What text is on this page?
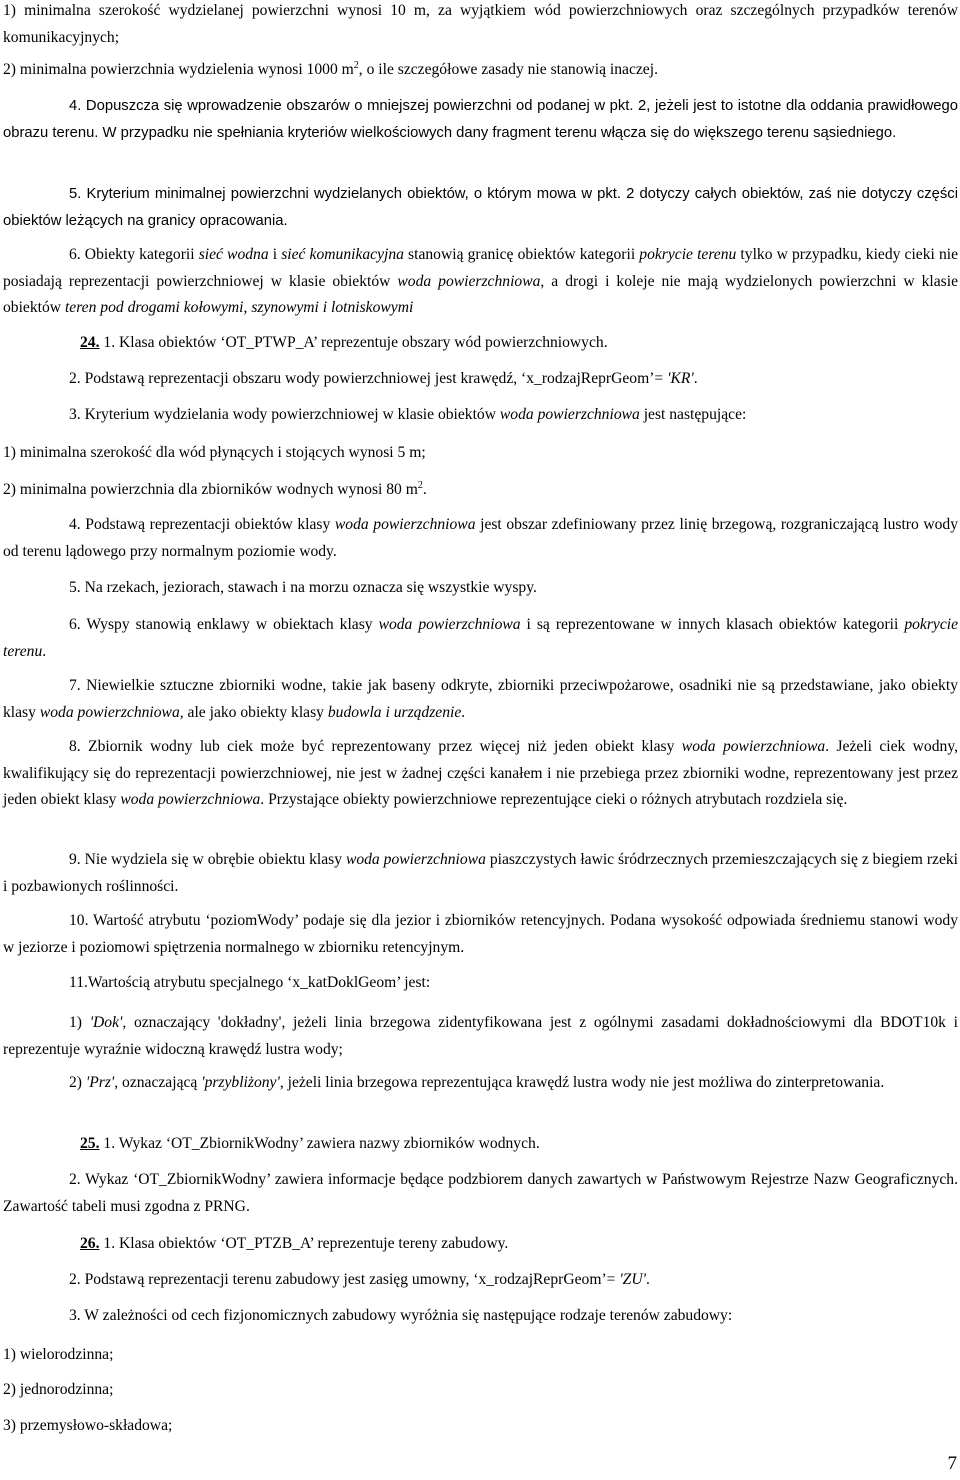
1) minimalna szerokość wydzielanej powierzchni wynosi 10 m, za wyjątkiem wód powierzchniowych oraz szczególnych przypadków terenów komunikacyjnych;

2) minimalna powierzchnia wydzielenia wynosi 1000 $m^2$, o ile szczegółowe zasady nie stanowią inaczej.

4. Dopuszcza się wprowadzenie obszarów o mniejszej powierzchni od podanej w pkt. 2, jeżeli jest to istotne dla oddania prawidłowego obrazu terenu. W przypadku nie spełniania kryteriów wielkościowych dany fragment terenu włącza się do większego terenu sąsiedniego.

5. Kryterium minimalnej powierzchni wydzielanych obiektów, o którym mowa w pkt. 2 dotyczy całych obiektów, zaś nie dotyczy części obiektów leżących na granicy opracowania.

6. Obiekty kategorii sieć wodna i sieć komunikacyjna stanowią granicę obiektów kategorii pokrycie terenu tylko w przypadku, kiedy cieki nie posiadają reprezentacji powierzchniowej w klasie obiektów woda powierzchniowa, a drogi i koleje nie mają wydzielonych powierzchni w klasie obiektów teren pod drogami kołowymi, szynowymi i lotniskowymi

24. 1. Klasa obiektów ‘OT_PTWP_A’ reprezentuje obszary wód powierzchniowych.

2. Podstawą reprezentacji obszaru wody powierzchniowej jest krawędź, ‘x_rodzajReprGeom’= 'KR'.

3. Kryterium wydzielania wody powierzchniowej w klasie obiektów woda powierzchniowa jest następujące:

1) minimalna szerokość dla wód płynących i stojących wynosi 5 m;

2) minimalna powierzchnia dla zbiorników wodnych wynosi 80 $m^2$.

4. Podstawą reprezentacji obiektów klasy woda powierzchniowa jest obszar zdefiniowany przez linię brzegową, rozgraniczającą lustro wody od terenu lądowego przy normalnym poziomie wody.

5. Na rzekach, jeziorach, stawach i na morzu oznacza się wszystkie wyspy.

6. Wyspy stanowią enklawy w obiektach klasy woda powierzchniowa i są reprezentowane w innych klasach obiektów kategorii pokrycie terenu.

7. Niewielkie sztuczne zbiorniki wodne, takie jak baseny odkryte, zbiorniki przeciwpożarowe, osadniki nie są przedstawiane, jako obiekty klasy woda powierzchniowa, ale jako obiekty klasy budowla i urządzenie.

8. Zbiornik wodny lub ciek może być reprezentowany przez więcej niż jeden obiekt klasy woda powierzchniowa. Jeżeli ciek wodny, kwalifikujący się do reprezentacji powierzchniowej, nie jest w żadnej części kanałem i nie przebiega przez zbiorniki wodne, reprezentowany jest przez jeden obiekt klasy woda powierzchniowa. Przystające obiekty powierzchniowe reprezentujące cieki o różnych atrybutach rozdziela się.

9. Nie wydziela się w obrębie obiektu klasy woda powierzchniowa piaszczystych ławic śródrzecznych przemieszczających się z biegiem rzeki i pozbawionych roślinności.

10. Wartość atrybutu ‘poziomWody’ podaje się dla jezior i zbiorników retencyjnych. Podana wysokość odpowiada średniemu stanowi wody w jeziorze i poziomowi spiętrzenia normalnego w zbiorniku retencyjnym.

11.Wartością atrybutu specjalnego ‘x_katDoklGeom’ jest:

1) 'Dok', oznaczający 'dokładny', jeżeli linia brzegowa zidentyfikowana jest z ogólnymi zasadami dokładnościowymi dla BDOT10k i reprezentuje wyraźnie widoczną krawędź lustra wody;

2) 'Prz', oznaczającą 'przybliżony', jeżeli linia brzegowa reprezentująca krawędź lustra wody nie jest możliwa do zinterpretowania.

25. 1. Wykaz ‘OT_ZbiornikWodny’ zawiera nazwy zbiorników wodnych.

2. Wykaz ‘OT_ZbiornikWodny’ zawiera informacje będące podzbiorem danych zawartych w Państwowym Rejestrze Nazw Geograficznych. Zawartość tabeli musi zgodna z PRNG.

26. 1. Klasa obiektów ‘OT_PTZB_A’ reprezentuje tereny zabudowy.

2. Podstawą reprezentacji terenu zabudowy jest zasięg umowny, ‘x_rodzajReprGeom’= 'ZU'.

3. W zależności od cech fizjonomicznych zabudowy wyróżnia się następujące rodzaje terenów zabudowy:

1) wielorodzinna;

2) jednorodzinna;

3) przemysłowo-składowa;

7
